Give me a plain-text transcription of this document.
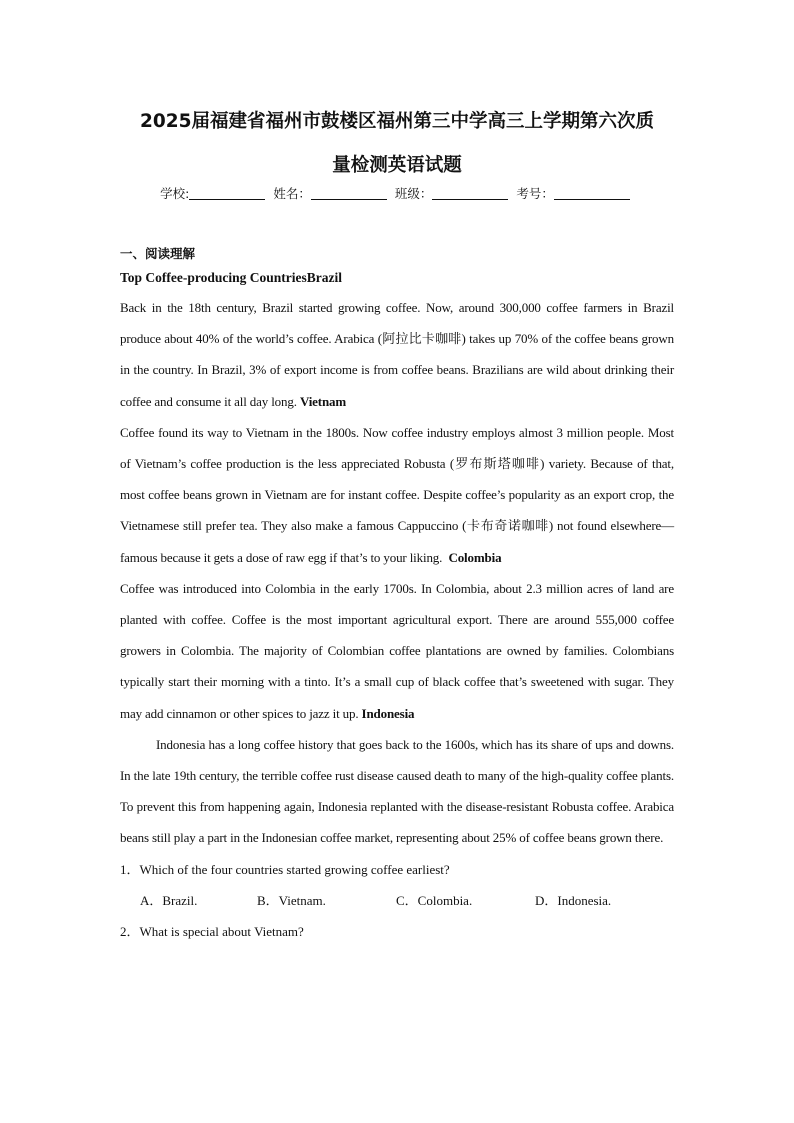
2025届福建省福州市鼓楼区福州第三中学高三上学期第六次质
量检测英语试题
学校:	姓名：	班级：	考号：
一、阅读理解
Top Coffee-producing CountriesBrazil

Back in the 18th century, Brazil started growing coffee. Now, around 300,000 coffee farmers in Brazil produce about 40% of the world’s coffee. Arabica (阿拉比卡咖啡) takes up 70% of the coffee beans grown in the country. In Brazil, 3% of export income is from coffee beans. Brazilians are wild about drinking their coffee and consume it all day long. Vietnam

Coffee found its way to Vietnam in the 1800s. Now coffee industry employs almost 3 million people. Most of Vietnam’s coffee production is the less appreciated Robusta (罗布斯塔咖啡) variety. Because of that, most coffee beans grown in Vietnam are for instant coffee. Despite coffee’s popularity as an export crop, the Vietnamese still prefer tea. They also make a famous Cappuccino (卡布奇诺咖啡) not found elsewhere—famous because it gets a dose of raw egg if that’s to your liking. Colombia

Coffee was introduced into Colombia in the early 1700s. In Colombia, about 2.3 million acres of land are planted with coffee. Coffee is the most important agricultural export. There are around 555,000 coffee growers in Colombia. The majority of Colombian coffee plantations are owned by families. Colombians typically start their morning with a tinto. It’s a small cup of black coffee that’s sweetened with sugar. They may add cinnamon or other spices to jazz it up. Indonesia

Indonesia has a long coffee history that goes back to the 1600s, which has its share of ups and downs. In the late 19th century, the terrible coffee rust disease caused death to many of the high-quality coffee plants. To prevent this from happening again, Indonesia replanted with the disease-resistant Robusta coffee. Arabica beans still play a part in the Indonesian coffee market, representing about 25% of coffee beans grown there.

1．Which of the four countries started growing coffee earliest?

A．Brazil.	B．Vietnam.	C．Colombia.	D．Indonesia.

2．What is special about Vietnam?
